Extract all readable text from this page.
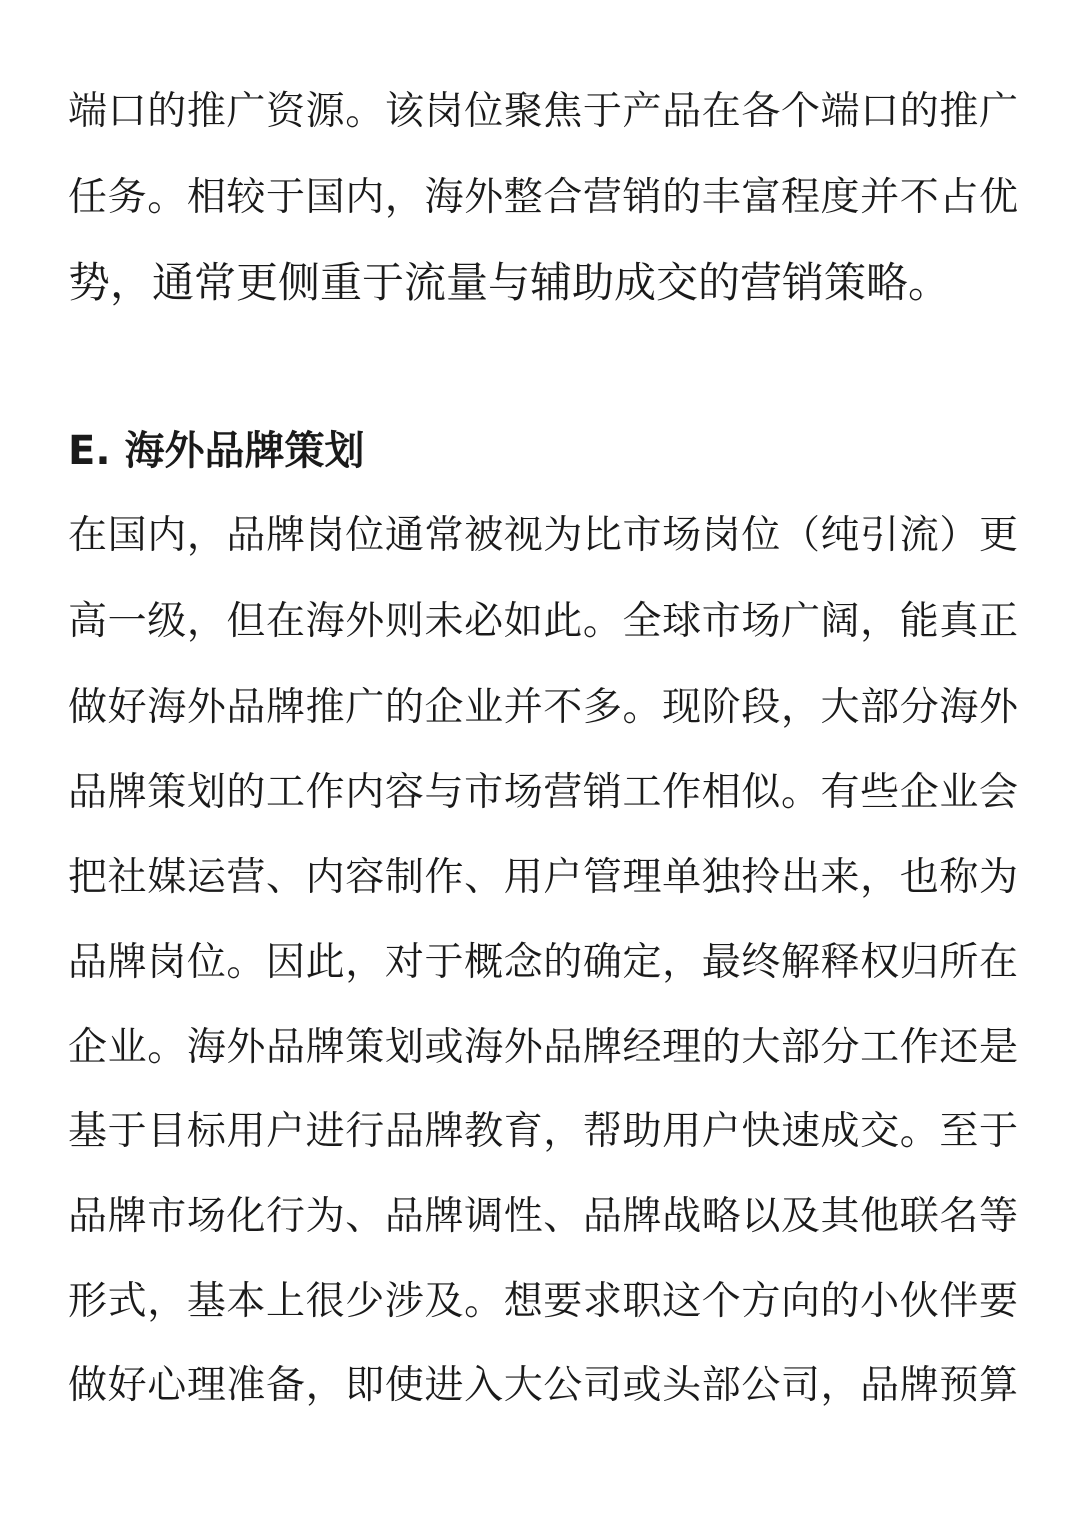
端口的推广资源。该岗位聚焦于产品在各个端口的推广
任务。相较于国内，海外整合营销的丰富程度并不占优
势，通常更侧重于流量与辅助成交的营销策略。
E. 海外品牌策划
在国内，品牌岗位通常被视为比市场岗位（纯引流）更
高一级，但在海外则未必如此。全球市场广阔，能真正
做好海外品牌推广的企业并不多。现阶段，大部分海外
品牌策划的工作内容与市场营销工作相似。有些企业会
把社媒运营、内容制作、用户管理单独拎出来，也称为
品牌岗位。因此，对于概念的确定，最终解释权归所在
企业。海外品牌策划或海外品牌经理的大部分工作还是
基于目标用户进行品牌教育，帮助用户快速成交。至于
品牌市场化行为、品牌调性、品牌战略以及其他联名等
形式，基本上很少涉及。想要求职这个方向的小伙伴要
做好心理准备，即使进入大公司或头部公司，品牌预算
